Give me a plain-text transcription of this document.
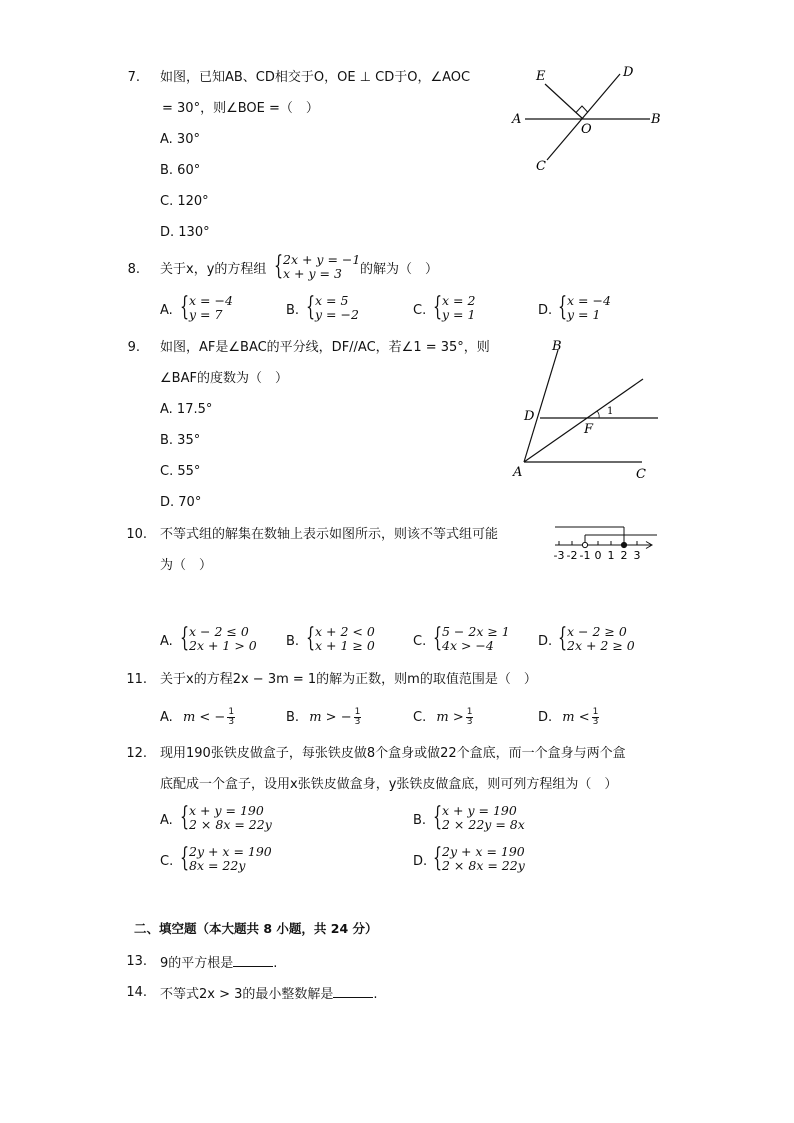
7. 如图，已知AB、CD相交于O，OE ⊥ CD于O，∠AOC
= 30°，则∠BOE =（　）
A. 30°
B. 60°
C. 120°
D. 130°
E	D
A
O
B
C
8. 关于x，y的方程组 { 2x + y = −1
x + y = 3 的解为（　）
A. { x = −4
y = 7	B. { x = 5
y = −2	C. { x = 2
y = 1	D. { x = −4
y = 1
9. 如图，AF是∠BAC的平分线，DF//AC，若∠1 = 35°，则
∠BAF的度数为（　）
A. 17.5°
B. 35°
C. 55°
D. 70°
B
D
F
A	C
1
10. 不等式组的解集在数轴上表示如图所示，则该不等式组可能
为（　）
-3 -2 -1 0 1 2 3
A. { x − 2 ≤ 0
2x + 1 > 0 B. { x + 2 < 0
x + 1 ≥ 0	C. { 5 − 2x ≥ 1
4x > −4	D. { x − 2 ≥ 0
2x + 2 ≥ 0
11. 关于x的方程2x − 3m = 1的解为正数，则m的取值范围是（　）
A. m < − $\frac{1}{3}$	B. m > − $\frac{1}{3}$	C. $m > \frac{1}{3}$	D. $m < \frac{1}{3}$
12. 现用190张铁皮做盒子，每张铁皮做8个盒身或做22个盒底，而一个盒身与两个盒
底配成一个盒子，设用x张铁皮做盒身，y张铁皮做盒底，则可列方程组为（　）
A. { x + y = 190
2 × 8x = 22y	B. { x + y = 190
2 × 22y = 8x
C. { 2y + x = 190
8x = 22y	D. { 2y + x = 190
2 × 8x = 22y
二、填空题（本大题共 8 小题，共 24 分）
13. 9的平方根是	.
14. 不等式2x > 3的最小整数解是	.
